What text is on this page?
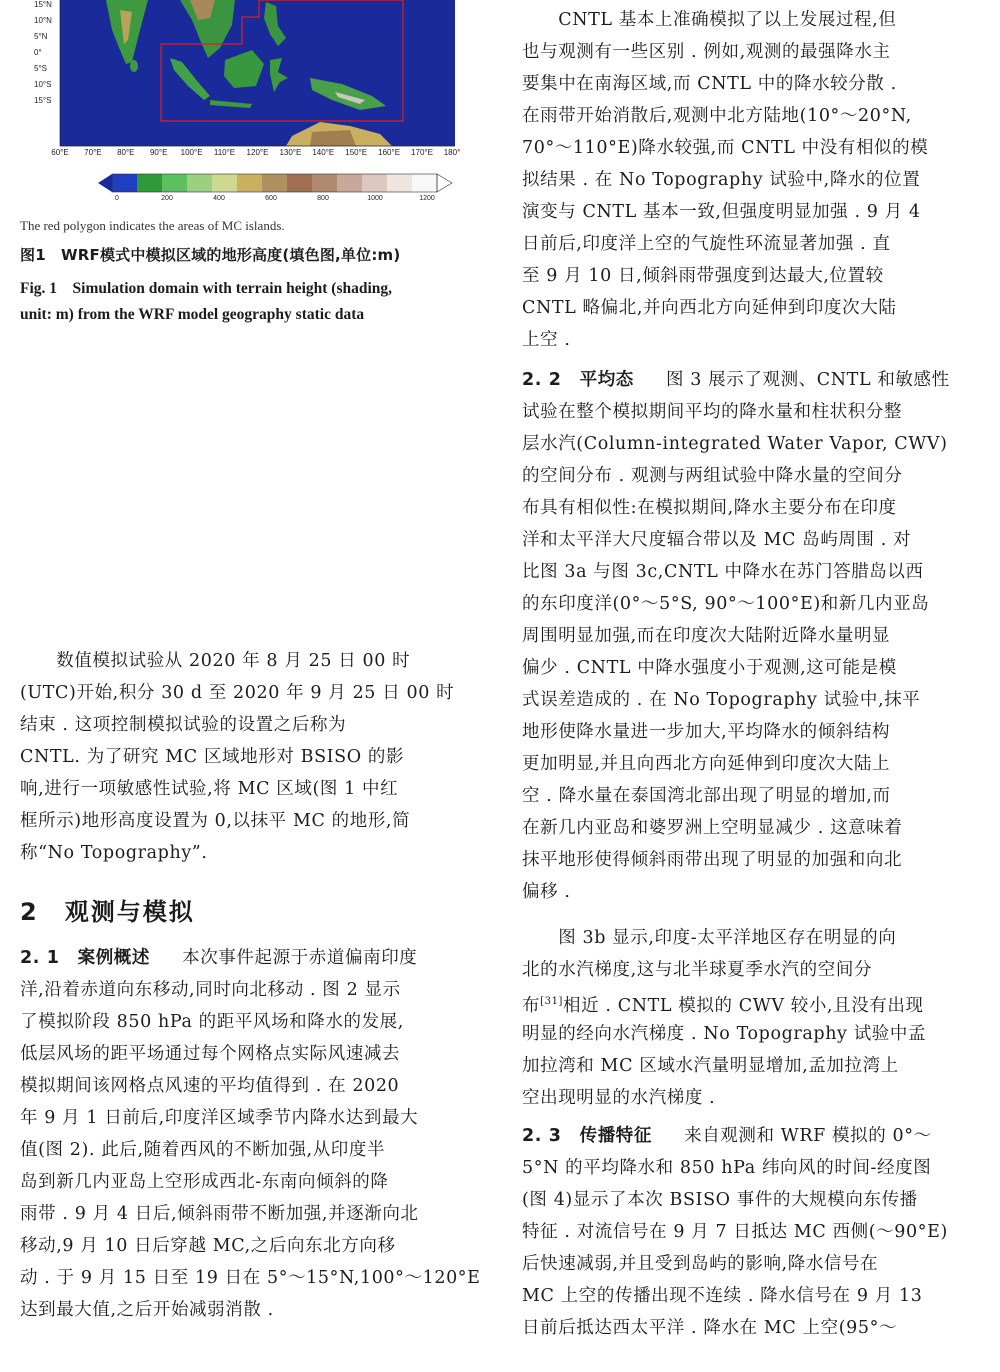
15°N
10°N
5°N
0°
5°S
10°S
15°S
60°E 70°E 80°E 90°E 100°E 110°E 120°E 130°E 140°E 150°E 160°E 170°E 180°
0	200	400	600	800	1000	1200
The red polygon indicates the areas of MC islands.
图1　WRF模式中模拟区域的地形高度(填色图,单位:m)
Fig. 1　Simulation domain with terrain height (shading,
unit: m) from the WRF model geography static data
　　数值模拟试验从 2020 年 8 月 25 日 00 时
(UTC)开始,积分 30 d 至 2020 年 9 月 25 日 00 时
结束 . 这项控制模拟试验的设置之后称为
CNTL. 为了研究 MC 区域地形对 BSISO 的影
响,进行一项敏感性试验,将 MC 区域(图 1 中红
框所示)地形高度设置为 0,以抹平 MC 的地形,简
称“No Topography”.
2　观测与模拟
2. 1　案例概述　本次事件起源于赤道偏南印度
洋,沿着赤道向东移动,同时向北移动 . 图 2 显示
了模拟阶段 850 hPa 的距平风场和降水的发展,
低层风场的距平场通过每个网格点实际风速减去
模拟期间该网格点风速的平均值得到 . 在 2020
年 9 月 1 日前后,印度洋区域季节内降水达到最大
值(图 2). 此后,随着西风的不断加强,从印度半
岛到新几内亚岛上空形成西北-东南向倾斜的降
雨带 . 9 月 4 日后,倾斜雨带不断加强,并逐渐向北
移动,9 月 10 日后穿越 MC,之后向东北方向移
动 . 于 9 月 15 日至 19 日在 5°～15°N,100°～120°E
达到最大值,之后开始减弱消散 .
　　CNTL 基本上准确模拟了以上发展过程,但
也与观测有一些区别 . 例如,观测的最强降水主
要集中在南海区域,而 CNTL 中的降水较分散 .
在雨带开始消散后,观测中北方陆地(10°～20°N,
70°～110°E)降水较强,而 CNTL 中没有相似的模
拟结果 . 在 No Topography 试验中,降水的位置
演变与 CNTL 基本一致,但强度明显加强 . 9 月 4
日前后,印度洋上空的气旋性环流显著加强 . 直
至 9 月 10 日,倾斜雨带强度到达最大,位置较
CNTL 略偏北,并向西北方向延伸到印度次大陆
上空 .
2. 2　平均态　图 3 展示了观测、CNTL 和敏感性
试验在整个模拟期间平均的降水量和柱状积分整
层水汽(Column-integrated Water Vapor, CWV)
的空间分布 . 观测与两组试验中降水量的空间分
布具有相似性:在模拟期间,降水主要分布在印度
洋和太平洋大尺度辐合带以及 MC 岛屿周围 . 对
比图 3a 与图 3c,CNTL 中降水在苏门答腊岛以西
的东印度洋(0°～5°S, 90°～100°E)和新几内亚岛
周围明显加强,而在印度次大陆附近降水量明显
偏少 . CNTL 中降水强度小于观测,这可能是模
式误差造成的 . 在 No Topography 试验中,抹平
地形使降水量进一步加大,平均降水的倾斜结构
更加明显,并且向西北方向延伸到印度次大陆上
空 . 降水量在泰国湾北部出现了明显的增加,而
在新几内亚岛和婆罗洲上空明显减少 . 这意味着
抹平地形使得倾斜雨带出现了明显的加强和向北
偏移 .
　　图 3b 显示,印度-太平洋地区存在明显的向
北的水汽梯度,这与北半球夏季水汽的空间分
布[31]相近 . CNTL 模拟的 CWV 较小,且没有出现
明显的经向水汽梯度 . No Topography 试验中孟
加拉湾和 MC 区域水汽量明显增加,孟加拉湾上
空出现明显的水汽梯度 .
2. 3　传播特征　来自观测和 WRF 模拟的 0°～
5°N 的平均降水和 850 hPa 纬向风的时间-经度图
(图 4)显示了本次 BSISO 事件的大规模向东传播
特征 . 对流信号在 9 月 7 日抵达 MC 西侧(～90°E)
后快速减弱,并且受到岛屿的影响,降水信号在
MC 上空的传播出现不连续 . 降水信号在 9 月 13
日前后抵达西太平洋 . 降水在 MC 上空(95°～
